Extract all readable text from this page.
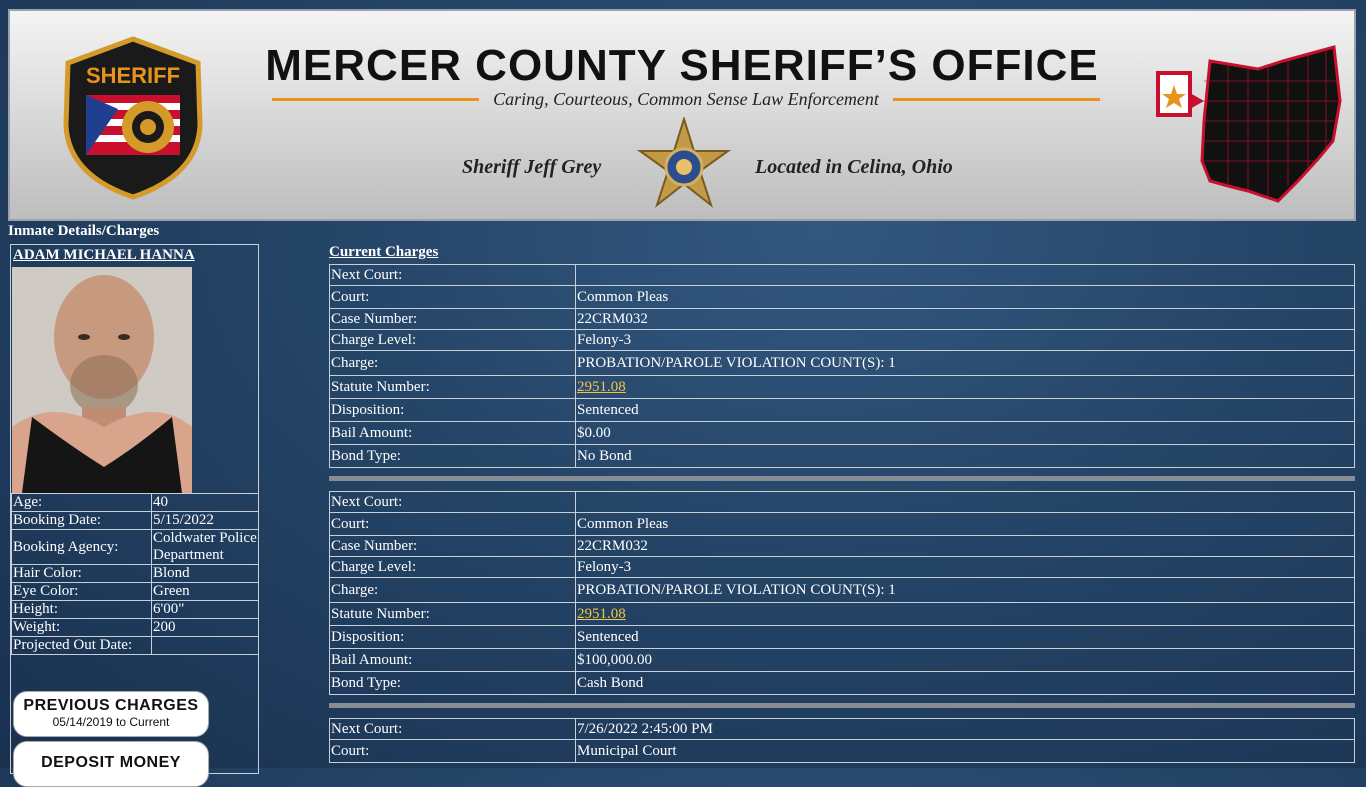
SHERIFF	MERCER COUNTY SHERIFF’S OFFICE
Caring, Courteous, Common Sense Law Enforcement
Sheriff Jeff Grey	Located in Celina, Ohio
Inmate Details/Charges
ADAM MICHAEL HANNA
Age:	40
Booking Date:	5/15/2022
Booking Agency:	Coldwater Police Department
Hair Color:	Blond
Eye Color:	Green
Height:	6'00"
Weight:	200
Projected Out Date:	
PREVIOUS CHARGES
05/14/2019 to Current
DEPOSIT MONEY
Current Charges
Next Court:	
Court:	Common Pleas
Case Number:	22CRM032
Charge Level:	Felony-3
Charge:	PROBATION/PAROLE VIOLATION COUNT(S): 1
Statute Number:	2951.08
Disposition:	Sentenced
Bail Amount:	$0.00
Bond Type:	No Bond
Next Court:	
Court:	Common Pleas
Case Number:	22CRM032
Charge Level:	Felony-3
Charge:	PROBATION/PAROLE VIOLATION COUNT(S): 1
Statute Number:	2951.08
Disposition:	Sentenced
Bail Amount:	$100,000.00
Bond Type:	Cash Bond
Next Court:	7/26/2022 2:45:00 PM
Court:	Municipal Court
